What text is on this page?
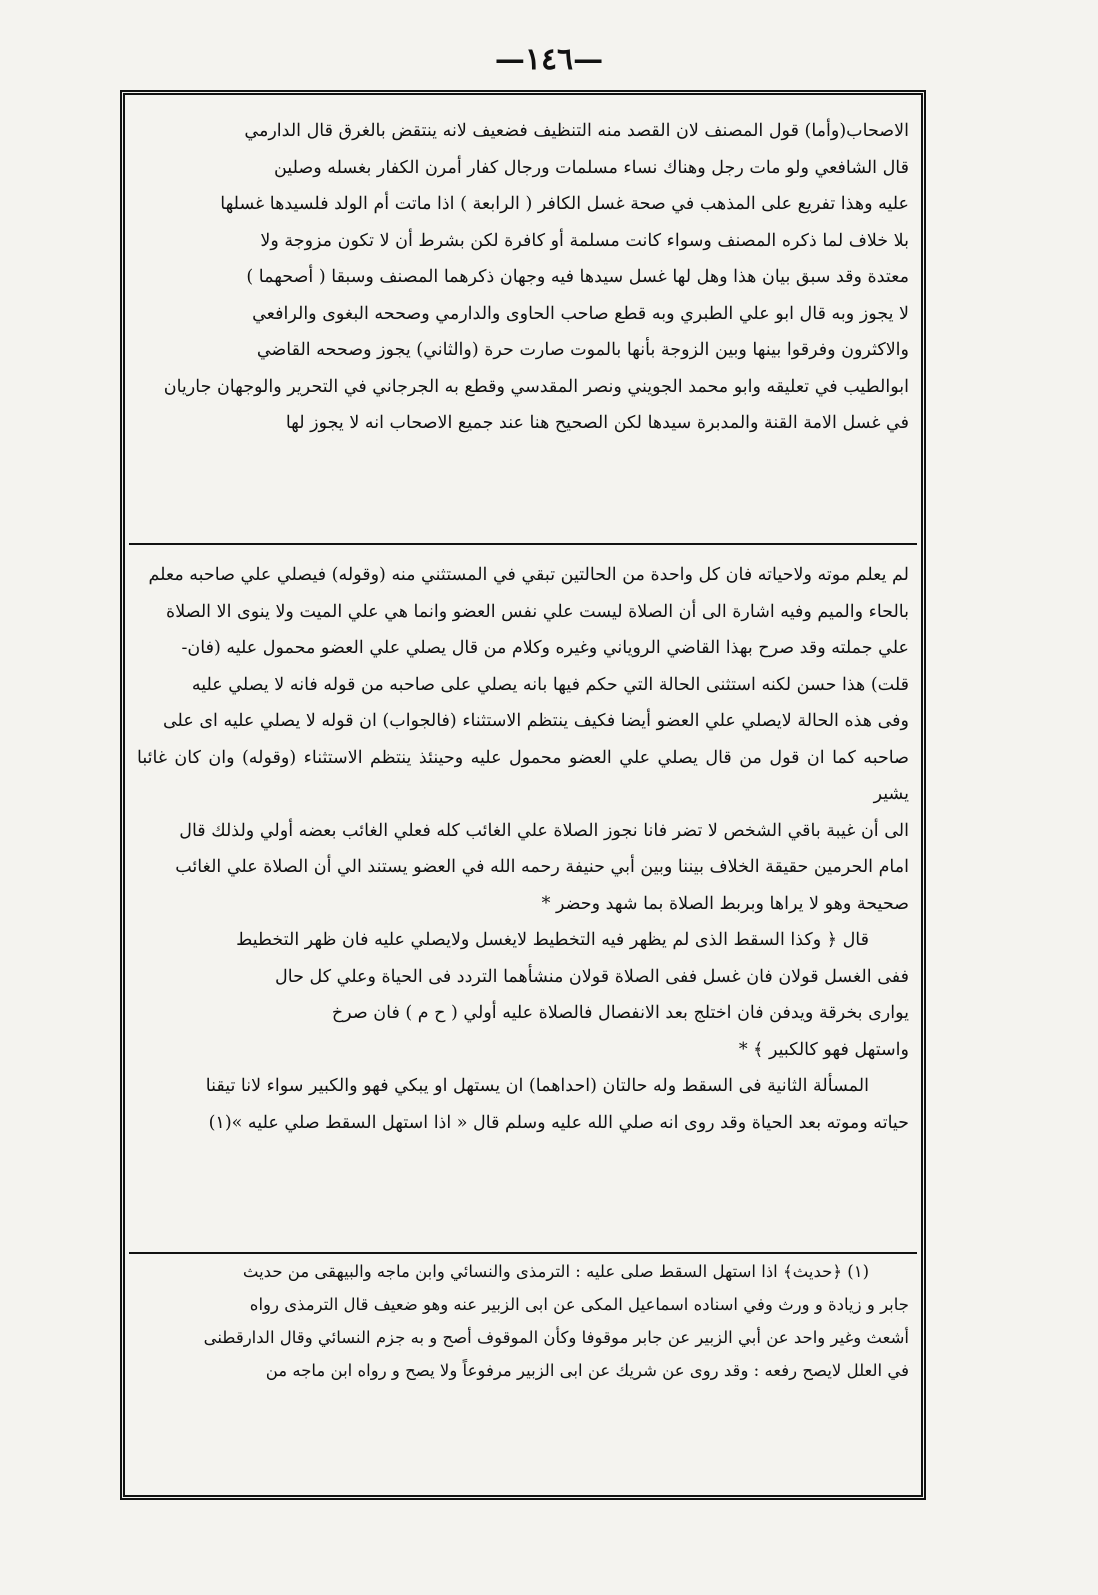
—١٤٦—

الاصحاب(وأما) قول المصنف لان القصد منه التنظيف فضعيف لانه ينتقض بالغرق قال الدارمي

قال الشافعي ولو مات رجل وهناك نساء مسلمات ورجال كفار أمرن الكفار بغسله وصلين

عليه وهذا تفريع على المذهب في صحة غسل الكافر ( الرابعة ) اذا ماتت أم الولد فلسيدها غسلها

بلا خلاف لما ذكره المصنف وسواء كانت مسلمة أو كافرة لكن بشرط أن لا تكون مزوجة ولا

معتدة وقد سبق بيان هذا وهل لها غسل سيدها فيه وجهان ذكرهما المصنف وسبقا ( أصحهما )

لا يجوز وبه قال ابو علي الطبري وبه قطع صاحب الحاوى والدارمي وصححه البغوى والرافعي

والاكثرون وفرقوا بينها وبين الزوجة بأنها بالموت صارت حرة (والثاني) يجوز وصححه القاضي

ابوالطيب في تعليقه وابو محمد الجويني ونصر المقدسي وقطع به الجرجاني في التحرير والوجهان جاريان

في غسل الامة القنة والمدبرة سيدها لكن الصحيح هنا عند جميع الاصحاب انه لا يجوز لها

لم يعلم موته ولاحياته فان كل واحدة من الحالتين تبقي في المستثني منه (وقوله) فيصلي علي صاحبه معلم

بالحاء والميم وفيه اشارة الى أن الصلاة ليست علي نفس العضو وانما هي علي الميت ولا ينوى الا الصلاة

علي جملته وقد صرح بهذا القاضي الروياني وغيره وكلام من قال يصلي علي العضو محمول عليه (فان-

قلت) هذا حسن لكنه استثنى الحالة التي حكم فيها بانه يصلي على صاحبه من قوله فانه لا يصلي عليه

وفى هذه الحالة لايصلي علي العضو أيضا فكيف ينتظم الاستثناء (فالجواب) ان قوله لا يصلي عليه اى على

صاحبه كما ان قول من قال يصلي علي العضو محمول عليه وحينئذ ينتظم الاستثناء (وقوله) وان كان غائبا يشير

الى أن غيبة باقي الشخص لا تضر فانا نجوز الصلاة علي الغائب كله فعلي الغائب بعضه أولي ولذلك قال

امام الحرمين حقيقة الخلاف بيننا وبين أبي حنيفة رحمه الله في العضو يستند الي أن الصلاة علي الغائب

صحيحة وهو لا يراها وبربط الصلاة بما شهد وحضر *

قال ﴿ وكذا السقط الذى لم يظهر فيه التخطيط لايغسل ولايصلي عليه فان ظهر التخطيط

ففى الغسل قولان فان غسل ففى الصلاة قولان منشأهما التردد فى الحياة وعلي كل حال

يوارى بخرقة ويدفن فان اختلج بعد الانفصال فالصلاة عليه أولي ( ح م ) فان صرخ

واستهل فهو كالكبير ﴾ *

المسألة الثانية فى السقط وله حالتان (احداهما) ان يستهل او يبكي فهو والكبير سواء لانا تيقنا

حياته وموته بعد الحياة وقد روى انه صلي الله عليه وسلم قال « اذا استهل السقط صلي عليه »(١)

(١) ﴿حديث﴾ اذا استهل السقط صلى عليه : الترمذى والنسائي وابن ماجه والبيهقى من حديث

جابر و زيادة و ورث وفي اسناده اسماعيل المكى عن ابى الزبير عنه وهو ضعيف قال الترمذى رواه

أشعث وغير واحد عن أبي الزبير عن جابر موقوفا وكأن الموقوف أصح و به جزم النسائي وقال الدارقطنى

في العلل لايصح رفعه : وقد روى عن شريك عن ابى الزبير مرفوعاً ولا يصح و رواه ابن ماجه من
